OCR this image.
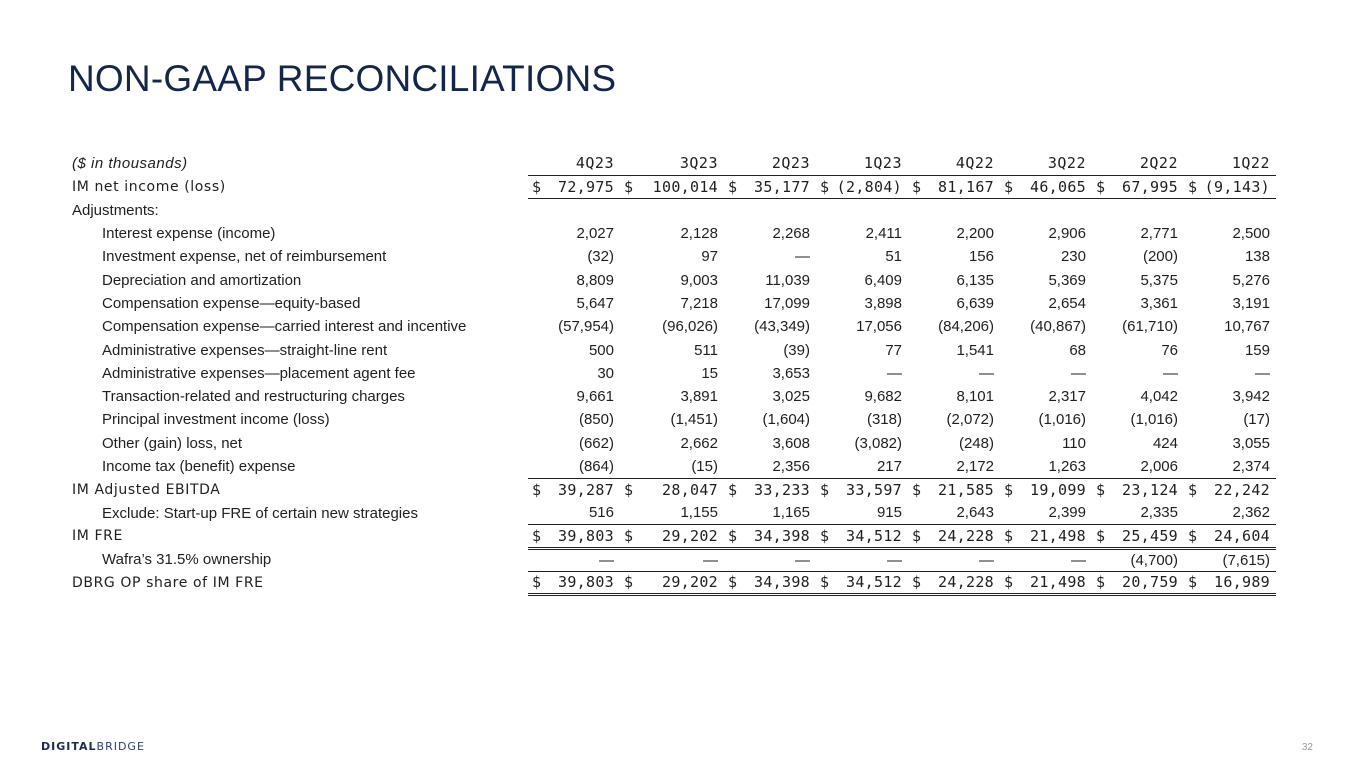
NON-GAAP RECONCILIATIONS
($ in thousands)	4Q23	3Q23	2Q23	1Q23	4Q22	3Q22	2Q22	1Q22
IM net income (loss)	$ 72,975	$ 100,014	$ 35,177	$ (2,804)	$ 81,167	$ 46,065	$ 67,995	$ (9,143)
Adjustments:								
Interest expense (income)	2,027	2,128	2,268	2,411	2,200	2,906	2,771	2,500
Investment expense, net of reimbursement	(32)	97	—	51	156	230	(200)	138
Depreciation and amortization	8,809	9,003	11,039	6,409	6,135	5,369	5,375	5,276
Compensation expense—equity-based	5,647	7,218	17,099	3,898	6,639	2,654	3,361	3,191
Compensation expense—carried interest and incentive	(57,954)	(96,026)	(43,349)	17,056	(84,206)	(40,867)	(61,710)	10,767
Administrative expenses—straight-line rent	500	511	(39)	77	1,541	68	76	159
Administrative expenses—placement agent fee	30	15	3,653	—	—	—	—	—
Transaction-related and restructuring charges	9,661	3,891	3,025	9,682	8,101	2,317	4,042	3,942
Principal investment income (loss)	(850)	(1,451)	(1,604)	(318)	(2,072)	(1,016)	(1,016)	(17)
Other (gain) loss, net	(662)	2,662	3,608	(3,082)	(248)	110	424	3,055
Income tax (benefit) expense	(864)	(15)	2,356	217	2,172	1,263	2,006	2,374
IM Adjusted EBITDA	$ 39,287	$ 28,047	$ 33,233	$ 33,597	$ 21,585	$ 19,099	$ 23,124	$ 22,242
Exclude: Start-up FRE of certain new strategies	516	1,155	1,165	915	2,643	2,399	2,335	2,362
IM FRE	$ 39,803	$ 29,202	$ 34,398	$ 34,512	$ 24,228	$ 21,498	$ 25,459	$ 24,604
Wafra’s 31.5% ownership	—	—	—	—	—	—	(4,700)	(7,615)
DBRG OP share of IM FRE	$ 39,803	$ 29,202	$ 34,398	$ 34,512	$ 24,228	$ 21,498	$ 20,759	$ 16,989
DIGITALBRIDGE	32
